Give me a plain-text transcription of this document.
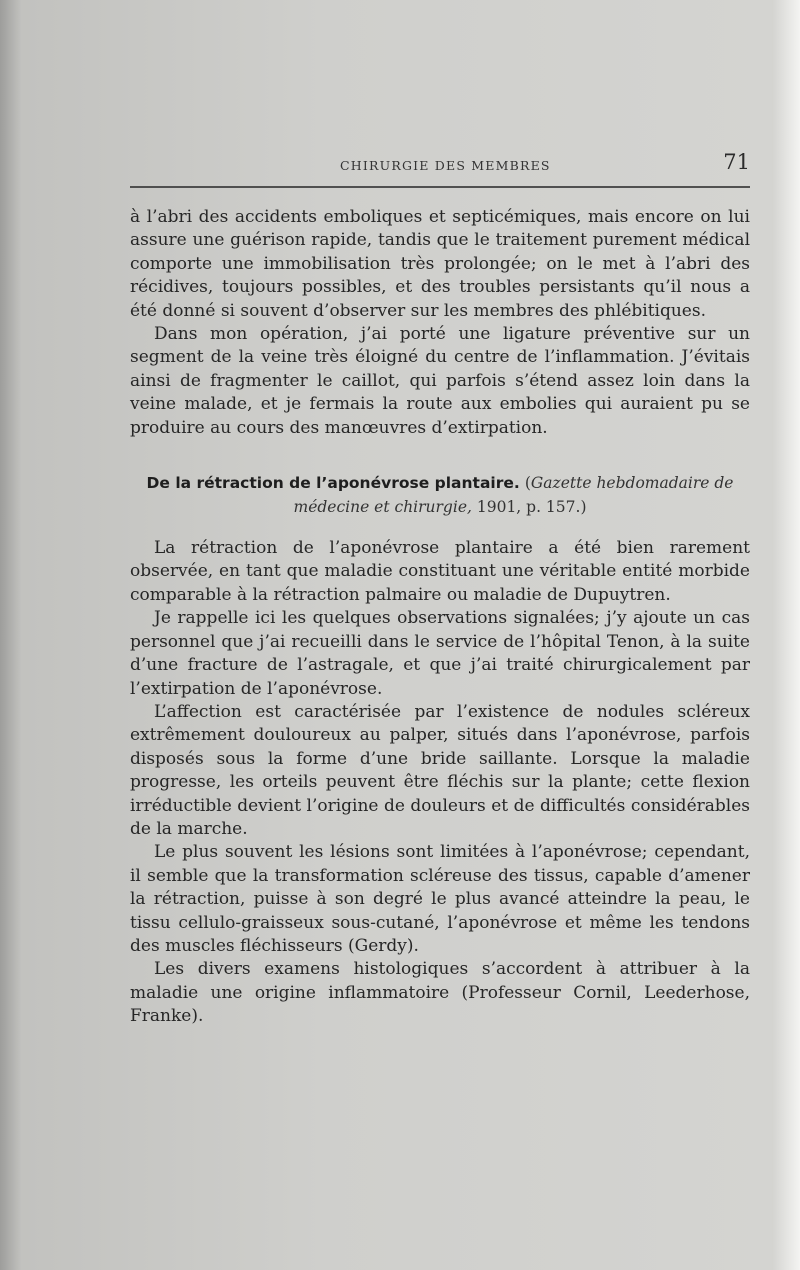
CHIRURGIE DES MEMBRES	71

à l’abri des accidents emboliques et septicémiques, mais encore on lui assure une guérison rapide, tandis que le traitement purement médical comporte une immobilisation très prolongée; on le met à l’abri des récidives, toujours possibles, et des troubles persistants qu’il nous a été donné si souvent d’observer sur les membres des phlébitiques.

Dans mon opération, j’ai porté une ligature préventive sur un segment de la veine très éloigné du centre de l’inflammation. J’évitais ainsi de fragmenter le caillot, qui parfois s’étend assez loin dans la veine malade, et je fermais la route aux embolies qui auraient pu se produire au cours des manœuvres d’extirpation.

De la rétraction de l’aponévrose plantaire. (Gazette hebdomadaire de médecine et chirurgie, 1901, p. 157.)

La rétraction de l’aponévrose plantaire a été bien rarement observée, en tant que maladie constituant une véritable entité morbide comparable à la rétraction palmaire ou maladie de Dupuytren.

Je rappelle ici les quelques observations signalées; j’y ajoute un cas personnel que j’ai recueilli dans le service de l’hôpital Tenon, à la suite d’une fracture de l’astragale, et que j’ai traité chirurgicalement par l’extirpation de l’aponévrose.

L’affection est caractérisée par l’existence de nodules scléreux extrêmement douloureux au palper, situés dans l’aponévrose, parfois disposés sous la forme d’une bride saillante. Lorsque la maladie progresse, les orteils peuvent être fléchis sur la plante; cette flexion irréductible devient l’origine de douleurs et de difficultés considérables de la marche.

Le plus souvent les lésions sont limitées à l’aponévrose; cependant, il semble que la transformation scléreuse des tissus, capable d’amener la rétraction, puisse à son degré le plus avancé atteindre la peau, le tissu cellulo-graisseux sous-cutané, l’aponévrose et même les tendons des muscles fléchisseurs (Gerdy).

Les divers examens histologiques s’accordent à attribuer à la maladie une origine inflammatoire (Professeur Cornil, Leederhose, Franke).
